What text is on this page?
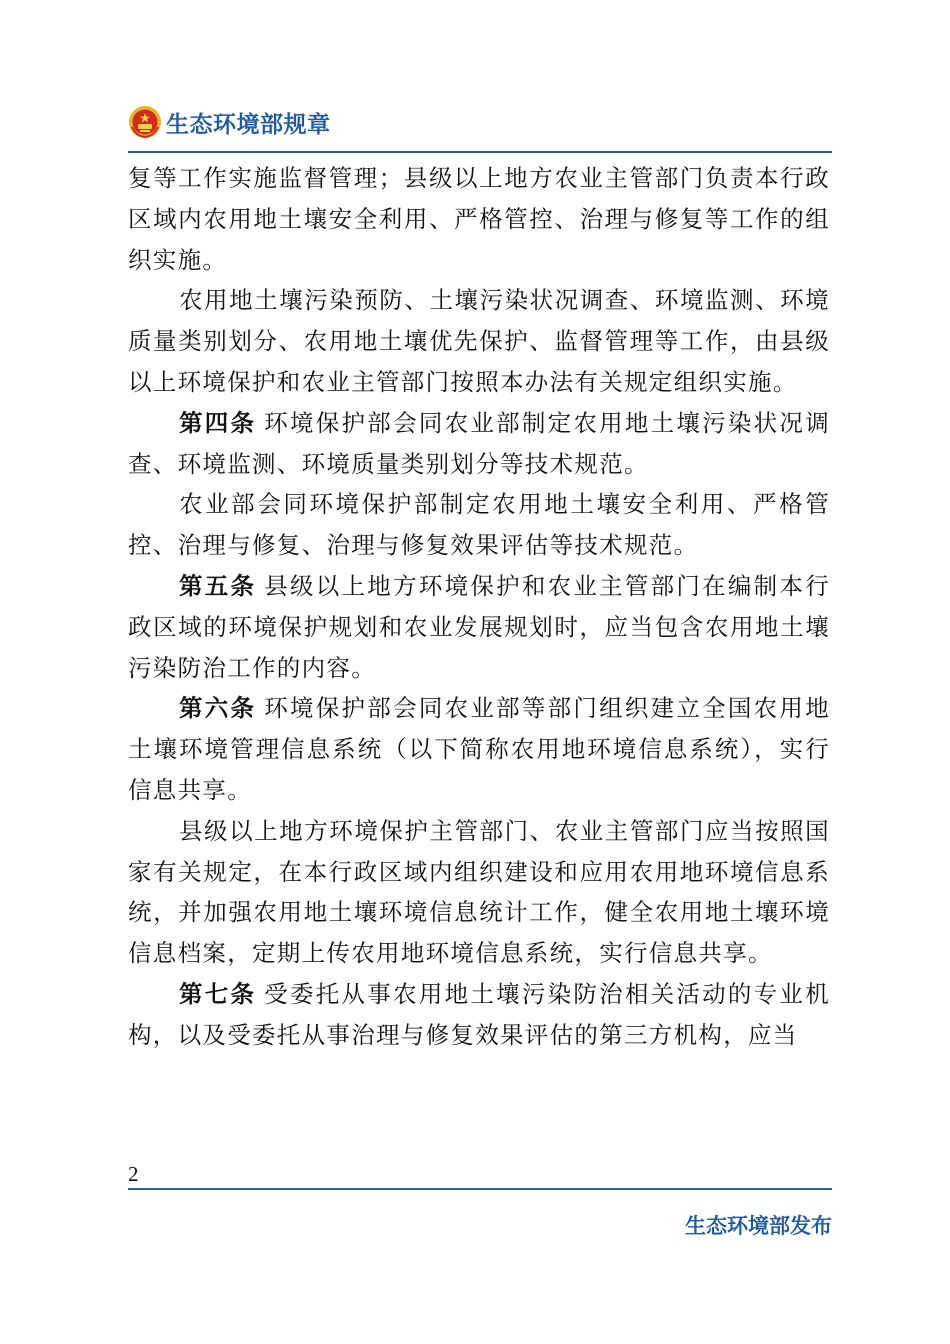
生态环境部规章

复等工作实施监督管理；县级以上地方农业主管部门负责本行政区域内农用地土壤安全利用、严格管控、治理与修复等工作的组织实施。

农用地土壤污染预防、土壤污染状况调查、环境监测、环境质量类别划分、农用地土壤优先保护、监督管理等工作，由县级以上环境保护和农业主管部门按照本办法有关规定组织实施。

第四条 环境保护部会同农业部制定农用地土壤污染状况调查、环境监测、环境质量类别划分等技术规范。

农业部会同环境保护部制定农用地土壤安全利用、严格管控、治理与修复、治理与修复效果评估等技术规范。

第五条 县级以上地方环境保护和农业主管部门在编制本行政区域的环境保护规划和农业发展规划时，应当包含农用地土壤污染防治工作的内容。

第六条 环境保护部会同农业部等部门组织建立全国农用地土壤环境管理信息系统（以下简称农用地环境信息系统），实行信息共享。

县级以上地方环境保护主管部门、农业主管部门应当按照国家有关规定，在本行政区域内组织建设和应用农用地环境信息系统，并加强农用地土壤环境信息统计工作，健全农用地土壤环境信息档案，定期上传农用地环境信息系统，实行信息共享。

第七条 受委托从事农用地土壤污染防治相关活动的专业机构，以及受委托从事治理与修复效果评估的第三方机构，应当

2
生态环境部发布
